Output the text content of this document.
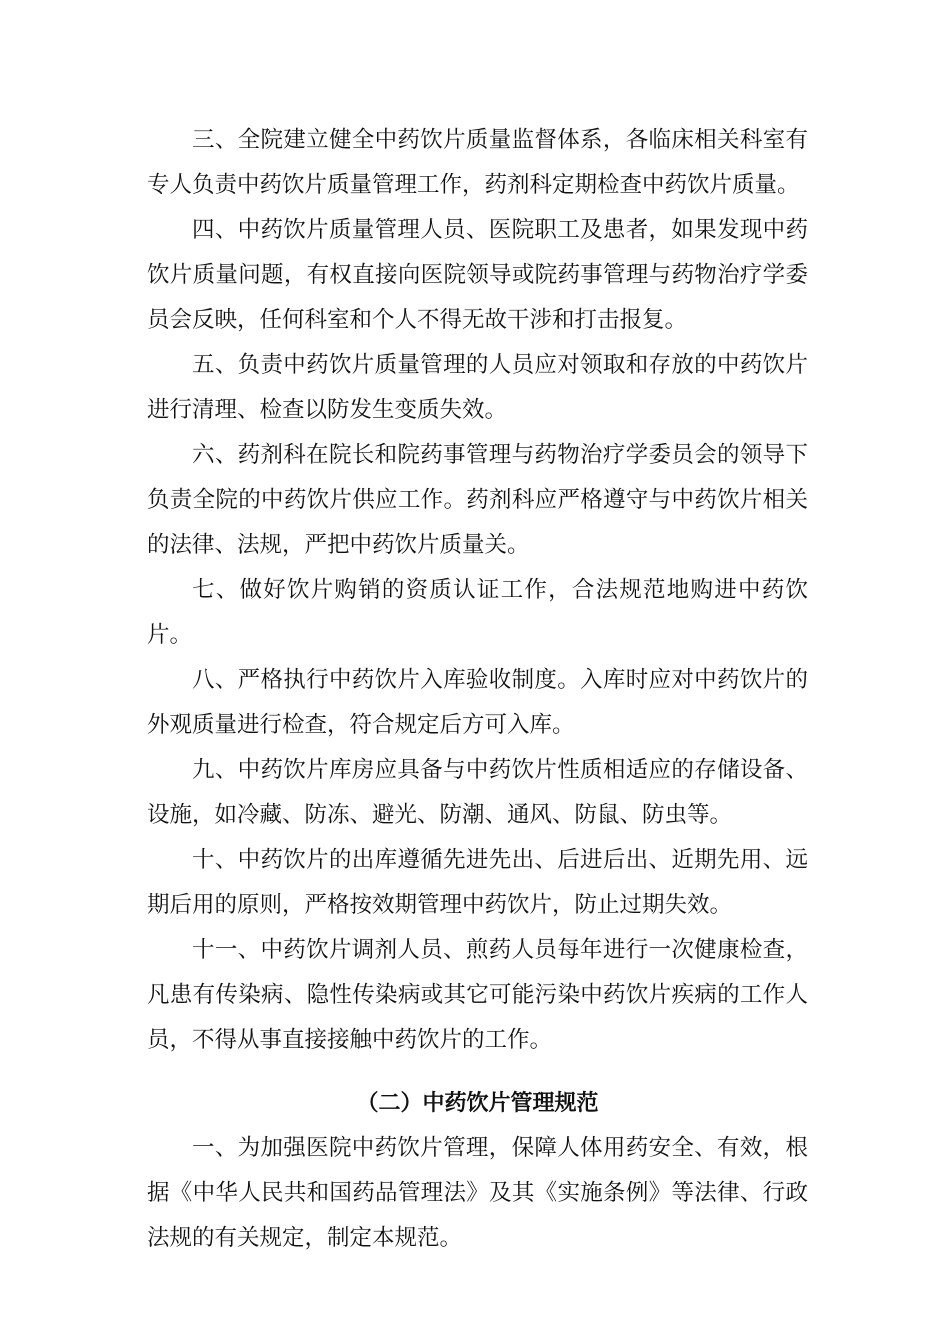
三、全院建立健全中药饮片质量监督体系，各临床相关科室有专人负责中药饮片质量管理工作，药剂科定期检查中药饮片质量。

四、中药饮片质量管理人员、医院职工及患者，如果发现中药饮片质量问题，有权直接向医院领导或院药事管理与药物治疗学委员会反映，任何科室和个人不得无故干涉和打击报复。

五、负责中药饮片质量管理的人员应对领取和存放的中药饮片进行清理、检查以防发生变质失效。

六、药剂科在院长和院药事管理与药物治疗学委员会的领导下负责全院的中药饮片供应工作。药剂科应严格遵守与中药饮片相关的法律、法规，严把中药饮片质量关。

七、做好饮片购销的资质认证工作，合法规范地购进中药饮片。

八、严格执行中药饮片入库验收制度。入库时应对中药饮片的外观质量进行检查，符合规定后方可入库。

九、中药饮片库房应具备与中药饮片性质相适应的存储设备、设施，如冷藏、防冻、避光、防潮、通风、防鼠、防虫等。

十、中药饮片的出库遵循先进先出、后进后出、近期先用、远期后用的原则，严格按效期管理中药饮片，防止过期失效。

十一、中药饮片调剂人员、煎药人员每年进行一次健康检查，凡患有传染病、隐性传染病或其它可能污染中药饮片疾病的工作人员，不得从事直接接触中药饮片的工作。

（二）中药饮片管理规范

一、为加强医院中药饮片管理，保障人体用药安全、有效，根据《中华人民共和国药品管理法》及其《实施条例》等法律、行政法规的有关规定，制定本规范。
